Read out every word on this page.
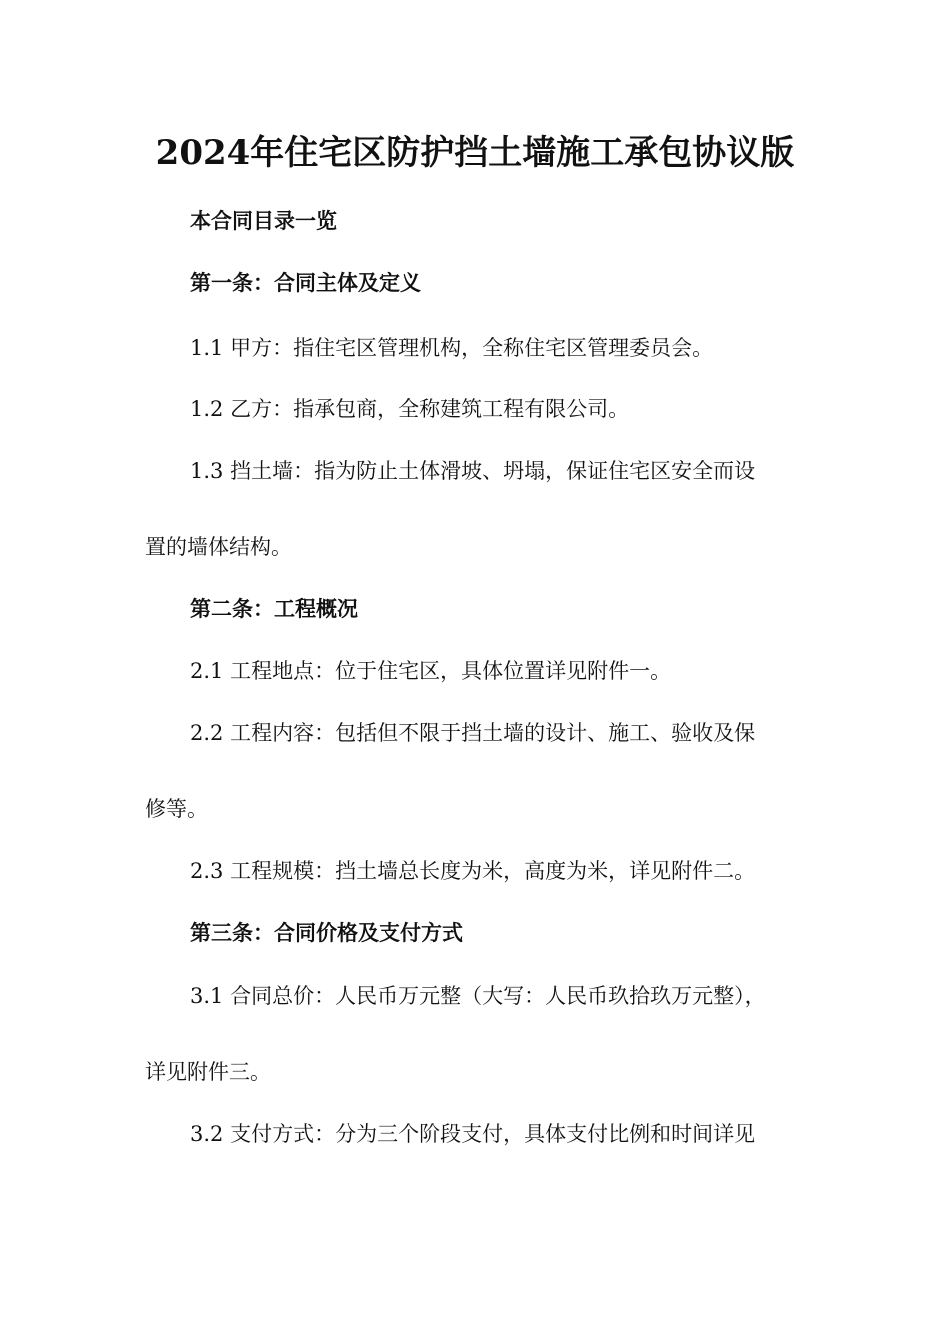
2024年住宅区防护挡土墙施工承包协议版
本合同目录一览
第一条：合同主体及定义
1.1 甲方：指住宅区管理机构，全称住宅区管理委员会。
1.2 乙方：指承包商，全称建筑工程有限公司。
1.3 挡土墙：指为防止土体滑坡、坍塌，保证住宅区安全而设
置的墙体结构。
第二条：工程概况
2.1 工程地点：位于住宅区，具体位置详见附件一。
2.2 工程内容：包括但不限于挡土墙的设计、施工、验收及保
修等。
2.3 工程规模：挡土墙总长度为米，高度为米，详见附件二。
第三条：合同价格及支付方式
3.1 合同总价：人民币万元整（大写：人民币玖拾玖万元整），
详见附件三。
3.2 支付方式：分为三个阶段支付，具体支付比例和时间详见
